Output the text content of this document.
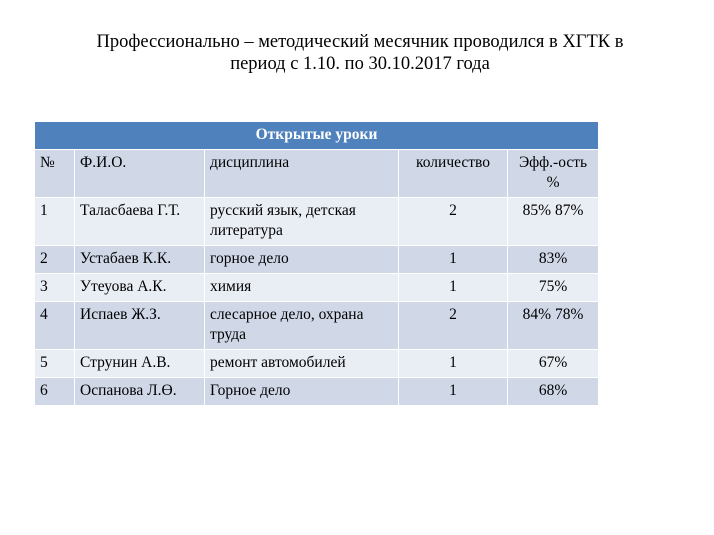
Профессионально – методический месячник проводился в ХГТК в
период с 1.10. по 30.10.2017 года
Открытые уроки				
№	Ф.И.О.	дисциплина	количество	Эфф.-ость %
1	Таласбаева Г.Т.	русский язык, детская литература	2	85% 87%
2	Устабаев К.К.	горное дело	1	83%
3	Утеуова А.К.	химия	1	75%
4	Испаев Ж.З.	слесарное дело, охрана труда	2	84% 78%
5	Струнин А.В.	ремонт автомобилей	1	67%
6	Оспанова Л.Ө.	Горное дело	1	68%
